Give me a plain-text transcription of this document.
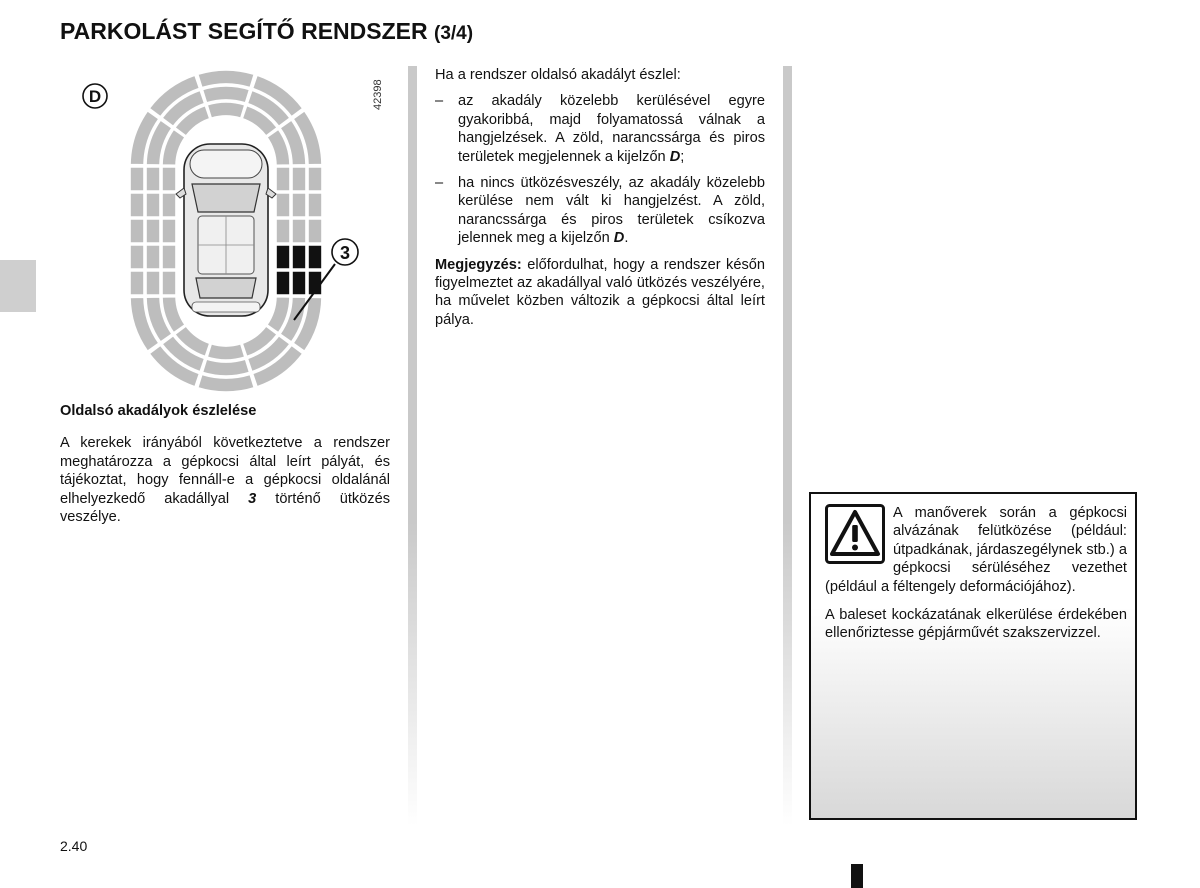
PARKOLÁST SEGÍTŐ RENDSZER (3/4)
D
3
42398

Oldalsó akadályok észlelése

A kerekek irányából következtetve a rendszer meghatározza a gépkocsi által leírt pályát, és tájékoztat, hogy fennáll-e a gépkocsi oldalánál elhelyezkedő akadállyal 3 történő ütközés veszélye.

Ha a rendszer oldalsó akadályt észlel:

– az akadály közelebb kerülésével egyre gyakoribbá, majd folyamatossá válnak a hangjelzések. A zöld, narancssárga és piros területek megjelennek a kijelzőn D;
– ha nincs ütközésveszély, az akadály közelebb kerülése nem vált ki hangjelzést. A zöld, narancssárga és piros területek csíkozva jelennek meg a kijelzőn D.

Megjegyzés: előfordulhat, hogy a rendszer későn figyelmeztet az akadállyal való ütközés veszélyére, ha művelet közben változik a gépkocsi által leírt pálya.

A manőverek során a gépkocsi alvázának felütközése (például: útpadkának, járdaszegélynek stb.) a gépkocsi sérüléséhez vezethet (például a féltengely deformációjához).

A baleset kockázatának elkerülése érdekében ellenőriztesse gépjárművét szakszervizzel.

2.40
